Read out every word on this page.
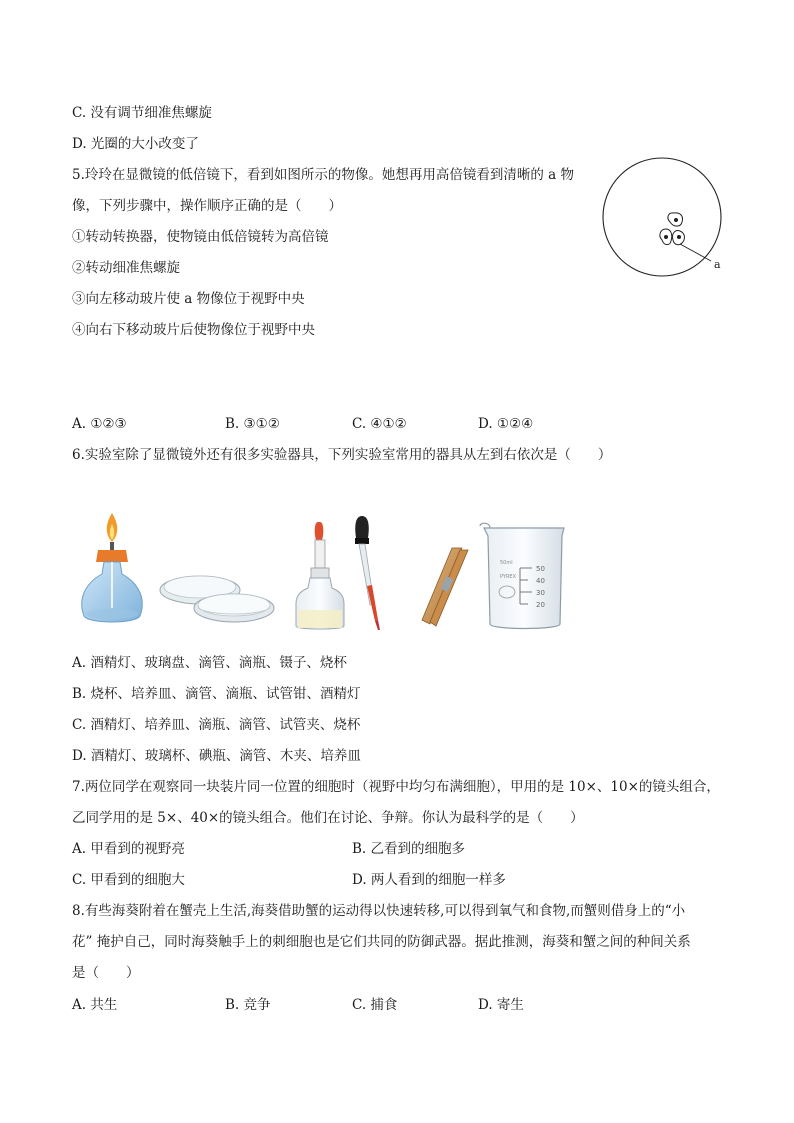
C. 没有调节细准焦螺旋
D. 光圈的大小改变了
5.玲玲在显微镜的低倍镜下，看到如图所示的物像。她想再用高倍镜看到清晰的 a 物
像，下列步骤中，操作顺序正确的是（　　）
①转动转换器，使物镜由低倍镜转为高倍镜
②转动细准焦螺旋
③向左移动玻片使 a 物像位于视野中央
④向右下移动玻片后使物像位于视野中央
a
A. ①②③	B. ③①②	C. ④①②	D. ①②④
6.实验室除了显微镜外还有很多实验器具，下列实验室常用的器具从左到右依次是（　　）
50
40
30
20
50ml
PYREX
A. 酒精灯、玻璃盘、滴管、滴瓶、镊子、烧杯
B. 烧杯、培养皿、滴管、滴瓶、试管钳、酒精灯
C. 酒精灯、培养皿、滴瓶、滴管、试管夹、烧杯
D. 酒精灯、玻璃杯、碘瓶、滴管、木夹、培养皿
7.两位同学在观察同一块装片同一位置的细胞时（视野中均匀布满细胞），甲用的是 10×、10×的镜头组合，
乙同学用的是 5×、40×的镜头组合。他们在讨论、争辩。你认为最科学的是（　　）
A. 甲看到的视野亮	B. 乙看到的细胞多
C. 甲看到的细胞大	D. 两人看到的细胞一样多
8.有些海葵附着在蟹壳上生活,海葵借助蟹的运动得以快速转移,可以得到氧气和食物,而蟹则借身上的“小
花” 掩护自己，同时海葵触手上的刺细胞也是它们共同的防御武器。据此推测，海葵和蟹之间的种间关系
是（　　）
A. 共生	B. 竞争	C. 捕食	D. 寄生
